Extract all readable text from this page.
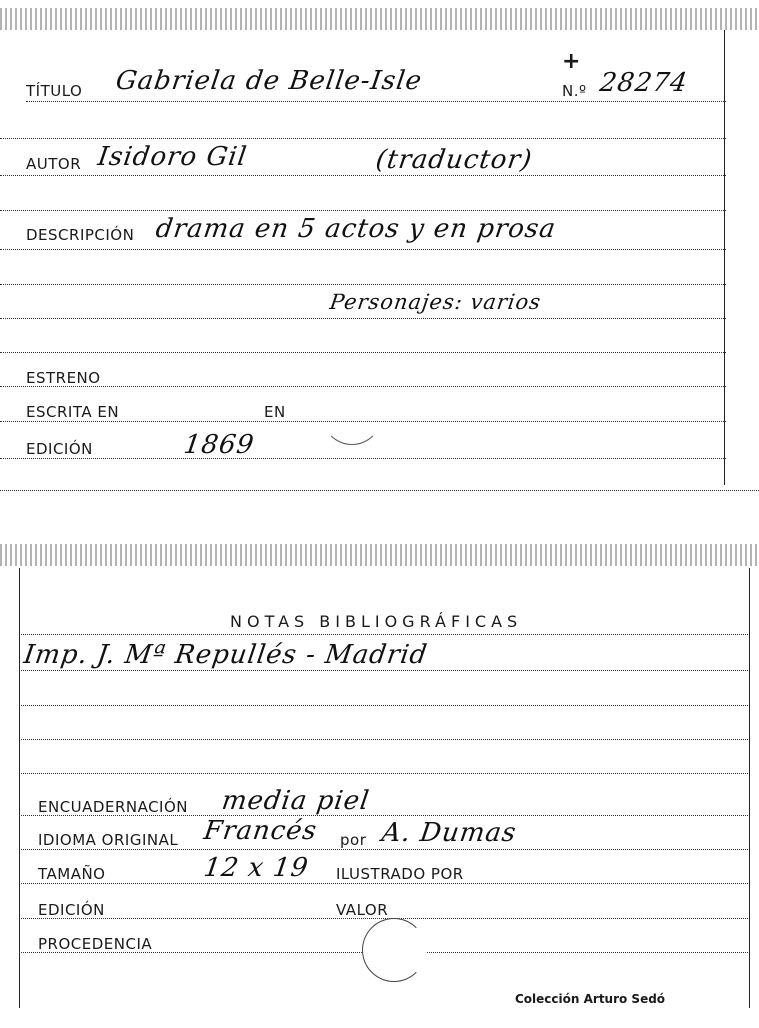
TÍTULO Gabriela de Belle-Isle
+
N.º 28274
AUTOR Isidoro Gil	(traductor)
DESCRIPCIÓN drama en 5 actos y en prosa
Personajes: varios
ESTRENO
ESCRITA EN	EN
EDICIÓN	1869
NOTAS BIBLIOGRÁFICAS
Imp. J. Mª Repullés - Madrid
ENCUADERNACIÓN media piel
IDIOMA ORIGINAL Francés por A. Dumas
TAMAÑO	12 x 19 ILUSTRADO POR
EDICIÓN	VALOR
PROCEDENCIA
Colección Arturo Sedó
